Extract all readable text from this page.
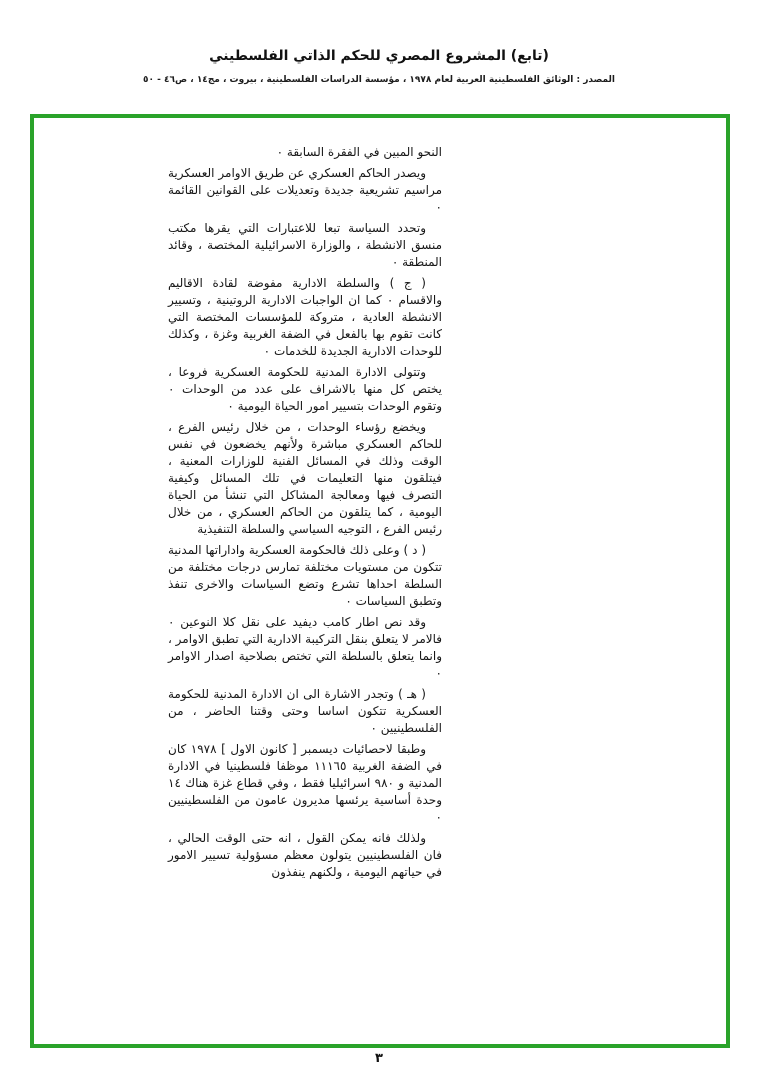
(تابع) المشروع المصري للحكم الذاتي الفلسطيني
المصدر : الوثائق الفلسطينية العربية لعام ١٩٧٨ ، مؤسسة الدراسات الفلسطينية ، بيروت ، مج١٤ ، ص٤٦ - ٥٠

النحو المبين في الفقرة السابقة ٠

ويصدر الحاكم العسكري عن طريق الاوامر العسكرية مراسيم تشريعية جديدة وتعديلات على القوانين القائمة ٠

وتحدد السياسة تبعا للاعتبارات التي يقرها مكتب منسق الانشطة ، والوزارة الاسرائيلية المختصة ، وقائد المنطقة ٠

( ج ) والسلطة الادارية مفوضة لقادة الاقاليم والاقسام ٠ كما ان الواجبات الادارية الروتينية ، وتسيير الانشطة العادية ، متروكة للمؤسسات المختصة التي كانت تقوم بها بالفعل في الضفة الغربية وغزة ، وكذلك للوحدات الادارية الجديدة للخدمات ٠

وتتولى الادارة المدنية للحكومة العسكرية فروعا ، يختص كل منها بالاشراف على عدد من الوحدات ٠ وتقوم الوحدات بتسيير امور الحياة اليومية ٠

ويخضع رؤساء الوحدات ، من خلال رئيس الفرع ، للحاكم العسكري مباشرة ولأنهم يخضعون في نفس الوقت وذلك في المسائل الفنية للوزارات المعنية ، فيتلقون منها التعليمات في تلك المسائل وكيفية التصرف فيها ومعالجة المشاكل التي تنشأ من الحياة اليومية ، كما يتلقون من الحاكم العسكري ، من خلال رئيس الفرع ، التوجيه السياسي والسلطة التنفيذية

( د ) وعلى ذلك فالحكومة العسكرية واداراتها المدنية تتكون من مستويات مختلفة تمارس درجات مختلفة من السلطة احداها تشرع وتضع السياسات والاخرى تنفذ وتطبق السياسات ٠

وقد نص اطار كامب ديفيد على نقل كلا النوعين ٠ فالامر لا يتعلق بنقل التركيبة الادارية التي تطبق الاوامر ، وانما يتعلق بالسلطة التي تختص بصلاحية اصدار الاوامر ٠

( هـ ) وتجدر الاشارة الى ان الادارة المدنية للحكومة العسكرية تتكون اساسا وحتى وقتنا الحاضر ، من الفلسطينيين ٠

وطبقا لاحصائيات ديسمبر [ كانون الاول ] ١٩٧٨ كان في الضفة الغربية ١١١٦٥ موظفا فلسطينيا في الادارة المدنية و ٩٨٠ اسرائيليا فقط ، وفي قطاع غزة هناك ١٤ وحدة أساسية يرئسها مديرون عامون من الفلسطينيين ٠

ولذلك فانه يمكن القول ، انه حتى الوقت الحالي ، فان الفلسطينيين يتولون معظم مسؤولية تسيير الامور في حياتهم اليومية ، ولكنهم ينفذون

٣
